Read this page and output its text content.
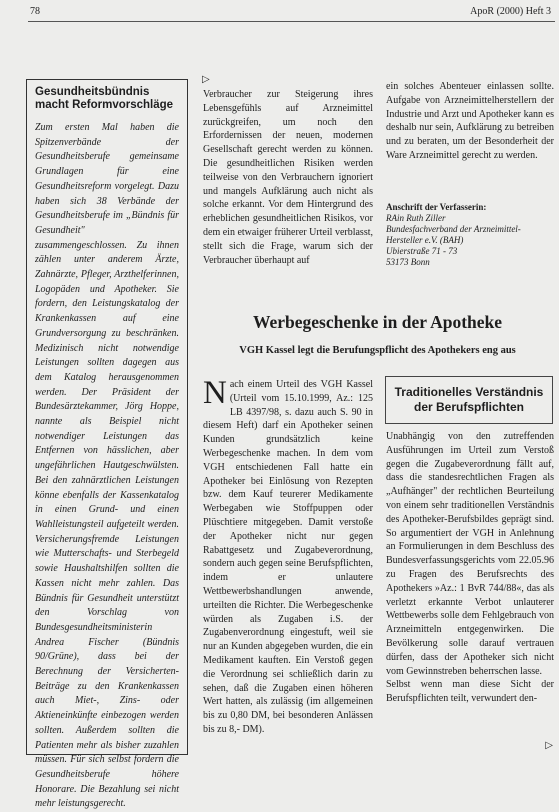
78	ApoR (2000) Heft 3
Gesundheitsbündnis macht Reformvorschläge

Zum ersten Mal haben die Spitzenverbände der Gesundheitsberufe gemeinsame Grundlagen für eine Gesundheitsreform vorgelegt. Dazu haben sich 38 Verbände der Gesundheitsberufe im „Bündnis für Gesundheit" zusammengeschlossen. Zu ihnen zählen unter anderem Ärzte, Zahnärzte, Pfleger, Arzthelferinnen, Logopäden und Apotheker. Sie fordern, den Leistungskatalog der Krankenkassen auf eine Grundversorgung zu beschränken. Medizinisch nicht notwendige Leistungen sollten dagegen aus dem Katalog herausgenommen werden. Der Präsident der Bundesärztekammer, Jörg Hoppe, nannte als Beispiel nicht notwendiger Leistungen das Entfernen von hässlichen, aber ungefährlichen Hautgeschwülsten. Bei den zahnärztlichen Leistungen könne ebenfalls der Kassenkatalog in einen Grund- und einen Wahlleistungsteil aufgeteilt werden. Versicherungsfremde Leistungen wie Mutterschafts- und Sterbegeld sowie Haushaltshilfen sollten die Kassen nicht mehr zahlen. Das Bündnis für Gesundheit unterstützt den Vorschlag von Bundesgesundheitsministerin Andrea Fischer (Bündnis 90/Grüne), dass bei der Berechnung der Versicherten-Beiträge zu den Krankenkassen auch Miet-, Zins- oder Aktieneinkünfte einbezogen werden sollten. Außerdem sollten die Patienten mehr als bisher zuzahlen müssen. Für sich selbst fordern die Gesundheitsberufe höhere Honorare. Die Bezahlung sei nicht mehr leistungsgerecht.

▷

Verbraucher zur Steigerung ihres Lebensgefühls auf Arzneimittel zurückgreifen, um noch den Erfordernissen der neuen, modernen Gesellschaft gerecht werden zu können. Die gesundheitlichen Risiken werden teilweise von den Verbrauchern ignoriert und mangels Aufklärung auch nicht als solche erkannt. Vor dem Hintergrund des erheblichen gesundheitlichen Risikos, vor dem ein etwaiger früherer Urteil verblasst, stellt sich die Frage, warum sich der Verbraucher überhaupt auf

ein solches Abenteuer einlassen sollte. Aufgabe von Arzneimittelherstellern der Industrie und Arzt und Apotheker kann es deshalb nur sein, Aufklärung zu betreiben und zu beraten, um der Besonderheit der Ware Arzneimittel gerecht zu werden.

Anschrift der Verfasserin:
RAin Ruth Ziller
Bundesfachverband der Arzneimittel-
Hersteller e.V. (BAH)
Ubierstraße 71 - 73
53173 Bonn
Werbegeschenke in der Apotheke
VGH Kassel legt die Berufungspflicht des Apothekers eng aus

N ach einem Urteil des VGH Kassel (Urteil vom 15.10.1999, Az.: 125 LB 4397/98, s. dazu auch S. 90 in diesem Heft) darf ein Apotheker seinen Kunden grundsätzlich keine Werbegeschenke machen. In dem vom VGH entschiedenen Fall hatte ein Apotheker bei Einlösung von Rezepten bzw. dem Kauf teurerer Medikamente Werbegaben wie Stoffpuppen oder Plüschtiere mitgegeben. Damit verstoße der Apotheker nicht nur gegen Rabattgesetz und Zugabeverordnung, sondern auch gegen seine Berufspflichten, indem er unlautere Wettbewerbshandlungen anwende, urteilten die Richter. Die Werbegeschenke würden als Zugaben i.S. der Zugabenverordnung eingestuft, weil sie nur an Kunden abgegeben wurden, die ein Medikament kauften. Ein Verstoß gegen die Verordnung sei schließlich darin zu sehen, daß die Zugaben einen höheren Wert hatten, als zulässig (im allgemeinen bis zu 0,80 DM, bei besonderen Anlässen bis zu 8,- DM).

Traditionelles Verständnis der Berufspflichten

Unabhängig von den zutreffenden Ausführungen im Urteil zum Verstoß gegen die Zugabeverordnung fällt auf, dass die standesrechtlichen Fragen als „Aufhänger" der rechtlichen Beurteilung von einem sehr traditionellen Verständnis des Apotheker-Berufsbildes geprägt sind. So argumentiert der VGH in Anlehnung an Formulierungen in dem Beschluss des Bundesverfassungsgerichts vom 22.05.96 zu Fragen des Berufsrechts des Apothekers »Az.: 1 BvR 744/88«, das als verletzt erkannte Verbot unlauterer Wettbewerbs solle dem Fehlgebrauch von Arzneimitteln entgegenwirken. Die Bevölkerung solle darauf vertrauen dürfen, dass der Apotheker sich nicht vom Gewinnstreben beherrschen lasse.

Selbst wenn man diese Sicht der Berufspflichten teilt, verwundert den-

▷
